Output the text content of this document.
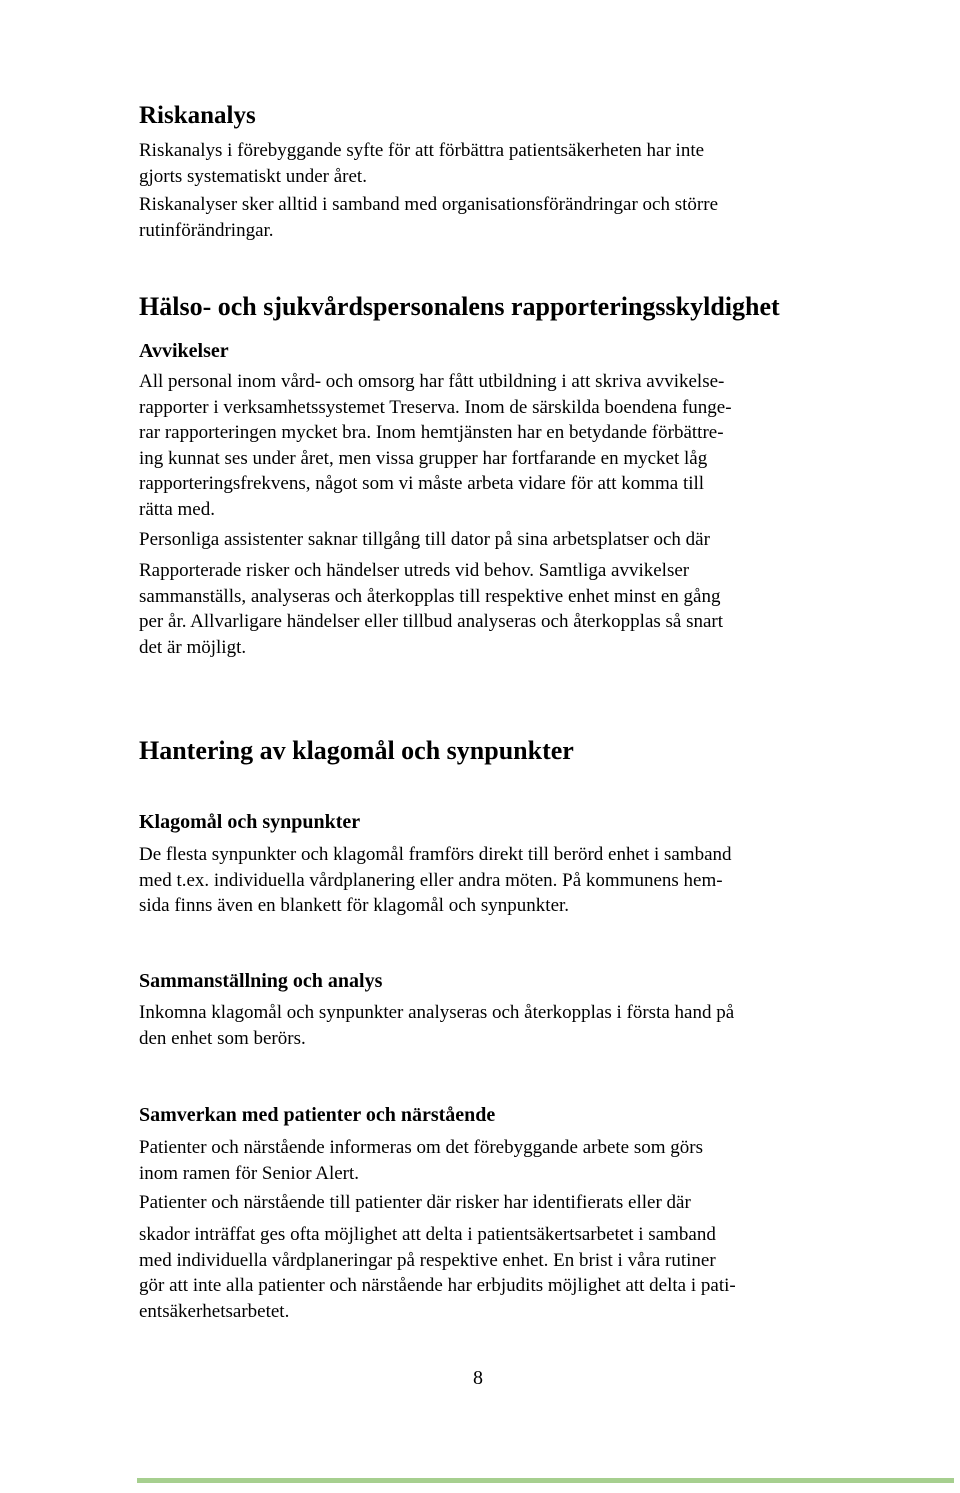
Riskanalys

Riskanalys i förebyggande syfte för att förbättra patientsäkerheten har inte
gjorts systematiskt under året.

Riskanalyser sker alltid i samband med organisationsförändringar och större
rutinförändringar.

Hälso- och sjukvårdspersonalens rapporteringsskyldighet
Avvikelser

All personal inom vård- och omsorg har fått utbildning i att skriva avvikelse-
rapporter i verksamhetssystemet Treserva. Inom de särskilda boendena funge-
rar rapporteringen mycket bra. Inom hemtjänsten har en betydande förbättre-
ing kunnat ses under året, men vissa grupper har fortfarande en mycket låg
rapporteringsfrekvens, något som vi måste arbeta vidare för att komma till
rätta med.

Personliga assistenter saknar tillgång till dator på sina arbetsplatser och där

Rapporterade risker och händelser utreds vid behov. Samtliga avvikelser
sammanställs, analyseras och återkopplas till respektive enhet minst en gång
per år. Allvarligare händelser eller tillbud analyseras och återkopplas så snart
det är möjligt.

Hantering av klagomål och synpunkter
Klagomål och synpunkter

De flesta synpunkter och klagomål framförs direkt till berörd enhet i samband
med t.ex. individuella vårdplanering eller andra möten. På kommunens hem-
sida finns även en blankett för klagomål och synpunkter.

Sammanställning och analys

Inkomna klagomål och synpunkter analyseras och återkopplas i första hand på
den enhet som berörs.

Samverkan med patienter och närstående

Patienter och närstående informeras om det förebyggande arbete som görs
inom ramen för Senior Alert.

Patienter och närstående till patienter där risker har identifierats eller där

skador inträffat ges ofta möjlighet att delta i patientsäkertsarbetet i samband
med individuella vårdplaneringar på respektive enhet. En brist i våra rutiner
gör att inte alla patienter och närstående har erbjudits möjlighet att delta i pati-
entsäkerhetsarbetet.

8
